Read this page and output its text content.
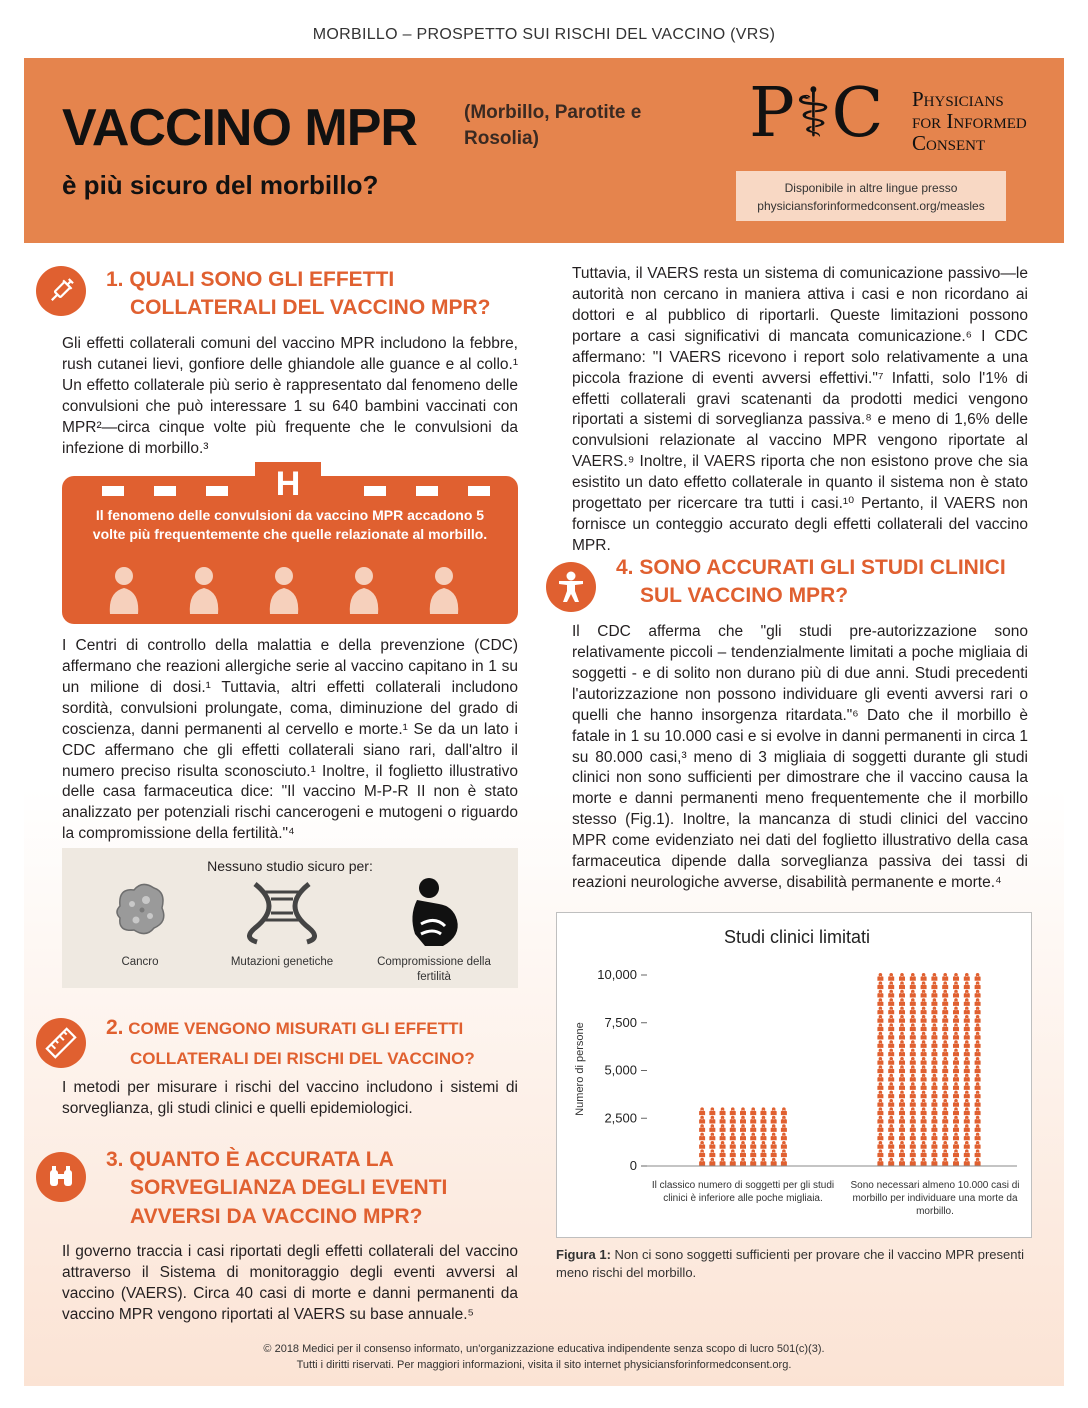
MORBILLO – PROSPETTO SUI RISCHI DEL VACCINO (VRS)
VACCINO MPR (Morbillo, Parotite e Rosolia)
è più sicuro del morbillo?
P⚕C Physicians
for Informed
Consent
Disponibile in altre lingue presso
physiciansforinformedconsent.org/measles
1. QUALI SONO GLI EFFETTI
COLLATERALI DEL VACCINO MPR?
Gli effetti collaterali comuni del vaccino MPR includono la febbre, rush cutanei lievi, gonfiore delle ghiandole alle guance e al collo.¹ Un effetto collaterale più serio è rappresentato dal fenomeno delle convulsioni che può interessare 1 su 640 bambini vaccinati con MPR²—circa cinque volte più frequente che le convulsioni da infezione di morbillo.³
H
Il fenomeno delle convulsioni da vaccino MPR accadono 5 volte più frequentemente che quelle relazionate al morbillo.
I Centri di controllo della malattia e della prevenzione (CDC) affermano che reazioni allergiche serie al vaccino capitano in 1 su un milione di dosi.¹ Tuttavia, altri effetti collaterali includono sordità, convulsioni prolungate, coma, diminuzione del grado di coscienza, danni permanenti al cervello e morte.¹ Se da un lato i CDC affermano che gli effetti collaterali siano rari, dall'altro il numero preciso risulta sconosciuto.¹ Inoltre, il foglietto illustrativo delle casa farmaceutica dice: "Il vaccino M-P-R II non è stato analizzato per potenziali rischi cancerogeni e mutogeni o riguardo la compromissione della fertilità."⁴
Nessuno studio sicuro per:
Cancro	Mutazioni genetiche	Compromissione della fertilità
2. COME VENGONO MISURATI GLI EFFETTI
COLLATERALI DEI RISCHI DEL VACCINO?
I metodi per misurare i rischi del vaccino includono i sistemi di sorveglianza, gli studi clinici e quelli epidemiologici.
3. QUANTO È ACCURATA LA
SORVEGLIANZA DEGLI EVENTI
AVVERSI DA VACCINO MPR?
Il governo traccia i casi riportati degli effetti collaterali del vaccino attraverso il Sistema di monitoraggio degli eventi avversi al vaccino (VAERS). Circa 40 casi di morte e danni permanenti da vaccino MPR vengono riportati al VAERS su base annuale.⁵
Tuttavia, il VAERS resta un sistema di comunicazione passivo—le autorità non cercano in maniera attiva i casi e non ricordano ai dottori e al pubblico di riportarli. Queste limitazioni possono portare a casi significativi di mancata comunicazione.⁶ I CDC affermano: "I VAERS ricevono i report solo relativamente a una piccola frazione di eventi avversi effettivi."⁷ Infatti, solo l'1% di effetti collaterali gravi scatenanti da prodotti medici vengono riportati a sistemi di sorveglianza passiva.⁸ e meno di 1,6% delle convulsioni relazionate al vaccino MPR vengono riportate al VAERS.⁹ Inoltre, il VAERS riporta che non esistono prove che sia esistito un dato effetto collaterale in quanto il sistema non è stato progettato per ricercare tra tutti i casi.¹⁰ Pertanto, il VAERS non fornisce un conteggio accurato degli effetti collaterali del vaccino MPR.
4. SONO ACCURATI GLI STUDI CLINICI
SUL VACCINO MPR?
Il CDC afferma che "gli studi pre-autorizzazione sono relativamente piccoli – tendenzialmente limitati a poche migliaia di soggetti - e di solito non durano più di due anni. Studi precedenti l'autorizzazione non possono individuare gli eventi avversi rari o quelli che hanno insorgenza ritardata."⁶ Dato che il morbillo è fatale in 1 su 10.000 casi e si evolve in danni permanenti in circa 1 su 80.000 casi,³ meno di 3 migliaia di soggetti durante gli studi clinici non sono sufficienti per dimostrare che il vaccino causa la morte e danni permanenti meno frequentemente che il morbillo stesso (Fig.1). Inoltre, la mancanza di studi clinici del vaccino MPR come evidenziato nei dati del foglietto illustrativo della casa farmaceutica dipende dalla sorveglianza passiva dei tassi di reazioni neurologiche avverse, disabilità permanente e morte.⁴
Studi clinici limitati
Numero di persone
10,000
7,500
5,000
2,500
0
Il classico numero di soggetti per gli studi clinici è inferiore alle poche migliaia.
Sono necessari almeno 10.000 casi di morbillo per individuare una morte da morbillo.
Figura 1: Non ci sono soggetti sufficienti per provare che il vaccino MPR presenti meno rischi del morbillo.
© 2018 Medici per il consenso informato, un'organizzazione educativa indipendente senza scopo di lucro 501(c)(3).
Tutti i diritti riservati. Per maggiori informazioni, visita il sito internet physiciansforinformedconsent.org.
